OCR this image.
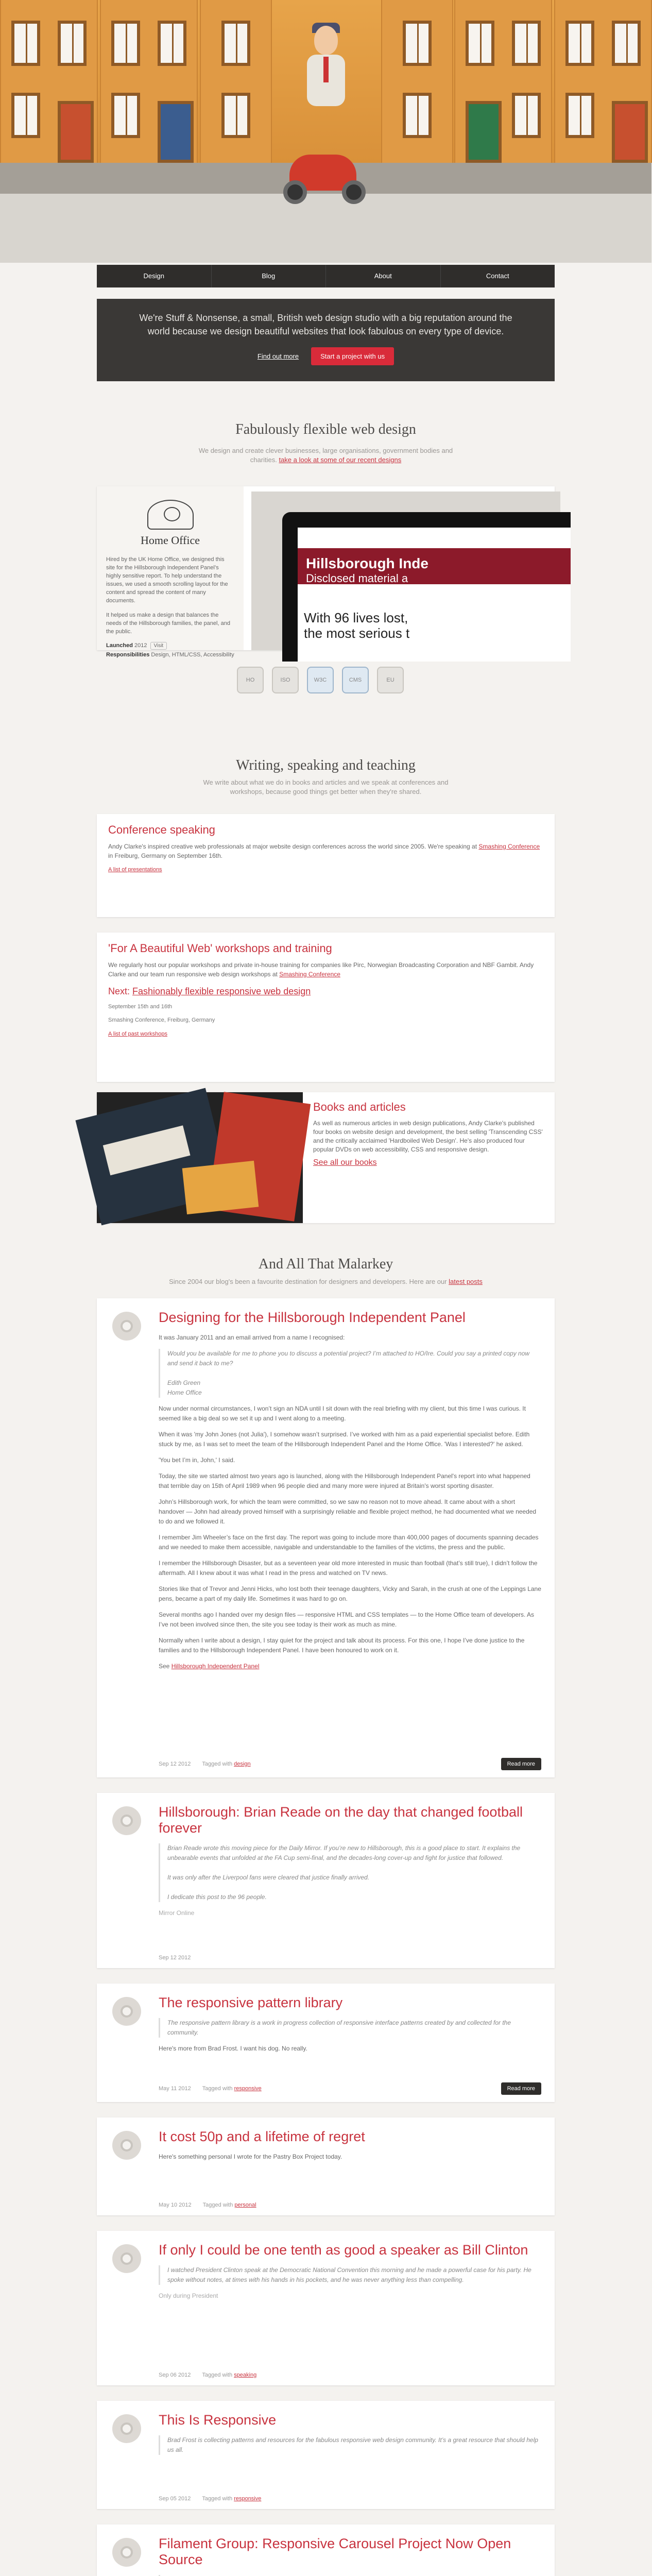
Design	Blog	About	Contact

We're Stuff & Nonsense, a small, British web design studio with a big reputation around the world because we design beautiful websites that look fabulous on every type of device.

Find out more	Start a project with us
Fabulously flexible web design
We design and create clever businesses, large organisations, government bodies and charities. take a look at some of our recent designs
Home Office

Hired by the UK Home Office, we designed this site for the Hillsborough Independent Panel’s highly sensitive report. To help understand the issues, we used a smooth scrolling layout for the content and spread the content of many documents.

It helped us make a design that balances the needs of the Hillsborough families, the panel, and the public.

Launched 2012 Visit
Responsibilities Design, HTML/CSS, Accessibility
Hillsborough Inde
Disclosed material a
With 96 lives lost,
the most serious t
HO	ISO	W3C	CMS	EU
Writing, speaking and teaching
We write about what we do in books and articles and we speak at conferences and workshops, because good things get better when they're shared.
Conference speaking

Andy Clarke's inspired creative web professionals at major website design conferences across the world since 2005. We're speaking at Smashing Conference in Freiburg, Germany on September 16th.

A list of presentations
'For A Beautiful Web' workshops and training

We regularly host our popular workshops and private in-house training for companies like Pirc, Norwegian Broadcasting Corporation and NBF Gambit. Andy Clarke and our team run responsive web design workshops at Smashing Conference

Next: Fashionably flexible responsive web design

September 15th and 16th

Smashing Conference, Freiburg, Germany

A list of past workshops
Books and articles

As well as numerous articles in web design publications, Andy Clarke's published four books on website design and development, the best selling 'Transcending CSS' and the critically acclaimed 'Hardboiled Web Design'. He's also produced four popular DVDs on web accessibility, CSS and responsive design.

See all our books
And All That Malarkey
Since 2004 our blog's been a favourite destination for designers and developers. Here are our latest posts
Designing for the Hillsborough Independent Panel

It was January 2011 and an email arrived from a name I recognised:

Would you be available for me to phone you to discuss a potential project? I’m attached to HO/Ire. Could you say a printed copy now and send it back to me?

Edith Green
Home Office

Now under normal circumstances, I won’t sign an NDA until I sit down with the real briefing with my client, but this time I was curious. It seemed like a big deal so we set it up and I went along to a meeting.

When it was 'my John Jones (not Julia'), I somehow wasn’t surprised. I’ve worked with him as a paid experiential specialist before. Edith stuck by me, as I was set to meet the team of the Hillsborough Independent Panel and the Home Office. 'Was I interested?' he asked.

'You bet I’m in, John,' I said.

Today, the site we started almost two years ago is launched, along with the Hillsborough Independent Panel's report into what happened that terrible day on 15th of April 1989 when 96 people died and many more were injured at Britain's worst sporting disaster.

John’s Hillsborough work, for which the team were committed, so we saw no reason not to move ahead. It came about with a short handover — John had already proved himself with a surprisingly reliable and flexible project method, he had documented what we needed to do and we followed it.

I remember Jim Wheeler’s face on the first day. The report was going to include more than 400,000 pages of documents spanning decades and we needed to make them accessible, navigable and understandable to the families of the victims, the press and the public.

I remember the Hillsborough Disaster, but as a seventeen year old more interested in music than football (that’s still true), I didn’t follow the aftermath. All I knew about it was what I read in the press and watched on TV news.

Stories like that of Trevor and Jenni Hicks, who lost both their teenage daughters, Vicky and Sarah, in the crush at one of the Leppings Lane pens, became a part of my daily life. Sometimes it was hard to go on.

Several months ago I handed over my design files — responsive HTML and CSS templates — to the Home Office team of developers. As I’ve not been involved since then, the site you see today is their work as much as mine.

Normally when I write about a design, I stay quiet for the project and talk about its process. For this one, I hope I’ve done justice to the families and to the Hillsborough Independent Panel. I have been honoured to work on it.

See Hillsborough Independent Panel

Sep 12 2012 Tagged with design	Read more
Hillsborough: Brian Reade on the day that changed football forever

Brian Reade wrote this moving piece for the Daily Mirror. If you’re new to Hillsborough, this is a good place to start. It explains the unbearable events that unfolded at the FA Cup semi-final, and the decades-long cover-up and fight for justice that followed.

It was only after the Liverpool fans were cleared that justice finally arrived.

I dedicate this post to the 96 people.

Mirror Online

Sep 12 2012
The responsive pattern library

The responsive pattern library is a work in progress collection of responsive interface patterns created by and collected for the community.

Here's more from Brad Frost. I want his dog. No really.

May 11 2012 Tagged with responsive	Read more
It cost 50p and a lifetime of regret

Here's something personal I wrote for the Pastry Box Project today.

May 10 2012 Tagged with personal
If only I could be one tenth as good a speaker as Bill Clinton

I watched President Clinton speak at the Democratic National Convention this morning and he made a powerful case for his party. He spoke without notes, at times with his hands in his pockets, and he was never anything less than compelling.

Only during President

Sep 06 2012 Tagged with speaking
This Is Responsive

Brad Frost is collecting patterns and resources for the fabulous responsive web design community. It’s a great resource that should help us all.

Sep 05 2012 Tagged with responsive
Filament Group: Responsive Carousel Project Now Open Source
